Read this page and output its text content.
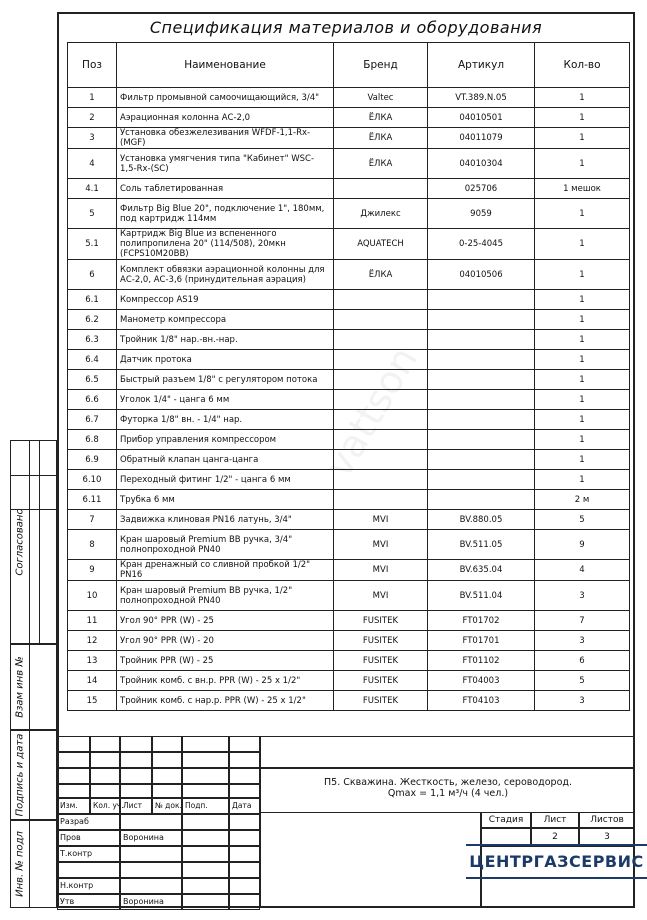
vattson
Спецификация материалов и оборудования
Поз	Наименование	Бренд	Артикул	Кол-во
1	Фильтр промывной самоочищающийся, 3/4"	Valtec	VT.389.N.05	1
2	Аэрационная колонна АС-2,0	ЁЛКА	04010501	1
3	Установка обезжелезивания WFDF-1,1-Rx-(MGF)	ЁЛКА	04011079	1
4	Установка умягчения типа "Кабинет" WSC-1,5-Rx-(SC)	ЁЛКА	04010304	1
4.1	Соль таблетированная		025706	1 мешок
5	Фильтр Big Blue 20", подключение 1", 180мм, под картридж 114мм	Джилекс	9059	1
5.1	Картридж Big Blue из вспененного полипропилена 20" (114/508), 20мкн (FCPS10M20BB)	AQUATECH	0-25-4045	1
6	Комплект обвязки аэрационной колонны для АС-2,0, АС-3,6 (принудительная аэрация)	ЁЛКА	04010506	1
6.1	Компрессор AS19			1
6.2	Манометр компрессора			1
6.3	Тройник 1/8" нар.-вн.-нар.			1
6.4	Датчик протока			1
6.5	Быстрый разъем 1/8" с регулятором потока			1
6.6	Уголок 1/4" - цанга 6 мм			1
6.7	Футорка 1/8" вн. - 1/4" нар.			1
6.8	Прибор управления компрессором			1
6.9	Обратный клапан цанга-цанга			1
6.10	Переходный фитинг 1/2" - цанга 6 мм			1
6.11	Трубка 6 мм			2 м
7	Задвижка клиновая PN16 латунь, 3/4"	MVI	BV.880.05	5
8	Кран шаровый Premium ВВ ручка, 3/4" полнопроходной PN40	MVI	BV.511.05	9
9	Кран дренажный со сливной пробкой 1/2" PN16	MVI	BV.635.04	4
10	Кран шаровый Premium ВВ ручка, 1/2" полнопроходной PN40	MVI	BV.511.04	3
11	Угол 90° PPR (W) - 25	FUSITEK	FT01702	7
12	Угол 90° PPR (W) - 20	FUSITEK	FT01701	3
13	Тройник PPR (W) - 25	FUSITEK	FT01102	6
14	Тройник комб. с вн.р. PPR (W) - 25 x 1/2"	FUSITEK	FT04003	5
15	Тройник комб. с нар.р. PPR (W) - 25 x 1/2"	FUSITEK	FT04103	3
Согласовано
Взам инв №
Подпись и дата
Инв. № подл
Изм.	Кол. уч. Лист	№ док. Подп.	Дата
Разраб
Пров	Воронина
Т.контр
Н.контр
Утв	Воронина
Стадия	Лист	Листов
2	3
П5. Скважина. Жесткость, железо, сероводород.
Qmax = 1,1 м³/ч (4 чел.)
ЦЕНТРГАЗСЕРВИС
